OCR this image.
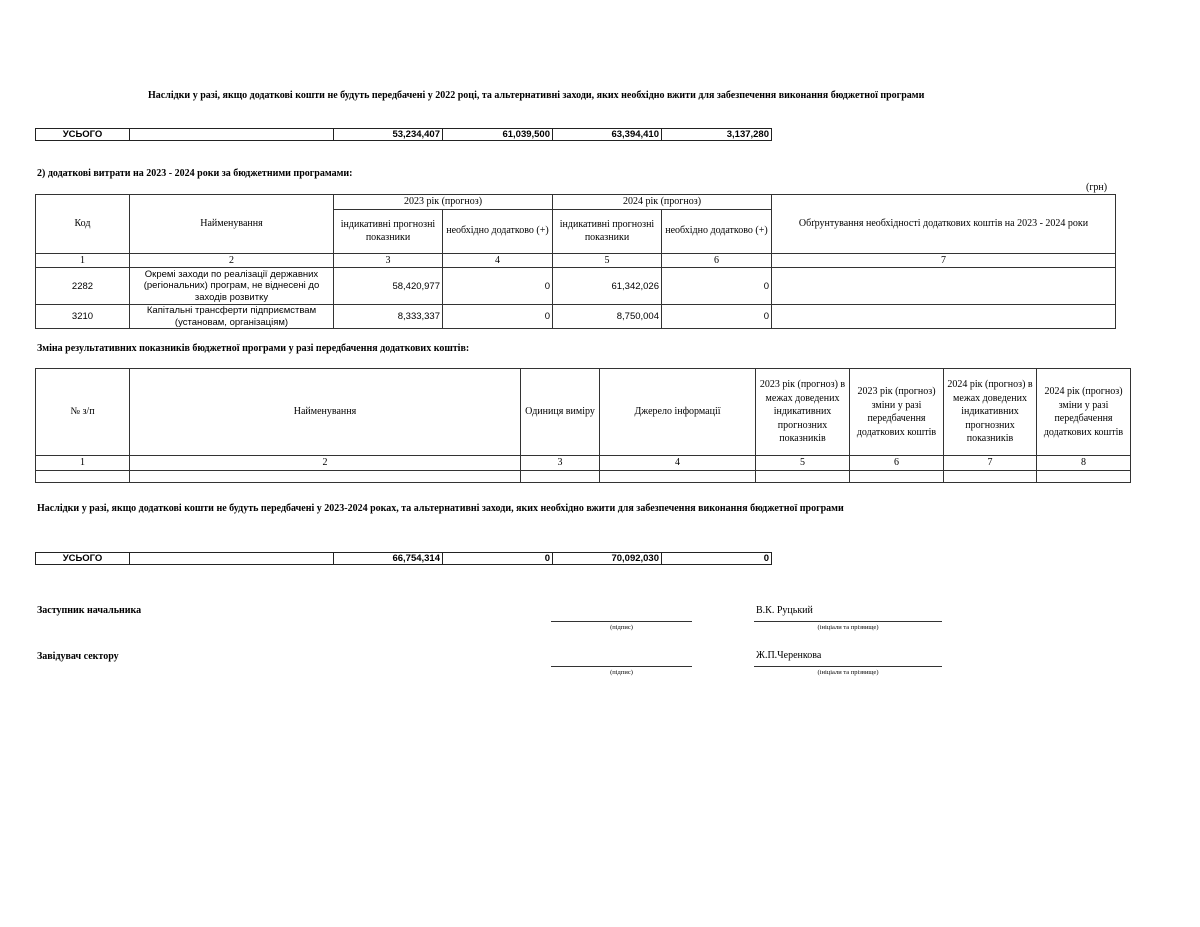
Наслідки у разі, якщо додаткові кошти не будуть передбачені у 2022 році, та альтернативні заходи, яких необхідно вжити для забезпечення виконання бюджетної програми
УСЬОГО		53,234,407	61,039,500	63,394,410	3,137,280
2) додаткові витрати на 2023 - 2024 роки за бюджетними програмами:
(грн)
Код	Найменування	2023 рік (прогноз)		2024 рік (прогноз)		Обґрунтування необхідності додаткових коштів на 2023 - 2024 роки
		індикативні прогнозні показники	необхідно додатково (+)	індикативні прогнозні показники	необхідно додатково (+)	
1	2	3	4	5	6	7
2282	Окремі заходи по реалізації державних (регіональних) програм, не віднесені до заходів розвитку	58,420,977	0	61,342,026	0	
3210	Капітальні трансферти підприємствам (установам, організаціям)	8,333,337	0	8,750,004	0	
Зміна результативних показників бюджетної програми у разі передбачення додаткових коштів:
№ з/п	Найменування	Одиниця виміру	Джерело інформації	2023 рік (прогноз) в межах доведених індикативних прогнозних показників	2023 рік (прогноз) зміни у разі передбачення додаткових коштів	2024 рік (прогноз) в межах доведених індикативних прогнозних показників	2024 рік (прогноз) зміни у разі передбачення додаткових коштів
1	2	3	4	5	6	7	8

Наслідки у разі, якщо додаткові кошти не будуть передбачені у 2023-2024 роках, та альтернативні заходи, яких необхідно вжити для забезпечення виконання бюджетної програми
УСЬОГО		66,754,314	0	70,092,030	0
Заступник начальника
(підпис)
В.К. Руцький
(ініціали та прізвище)
Завідувач сектору
(підпис)
Ж.П.Черенкова
(ініціали та прізвище)
